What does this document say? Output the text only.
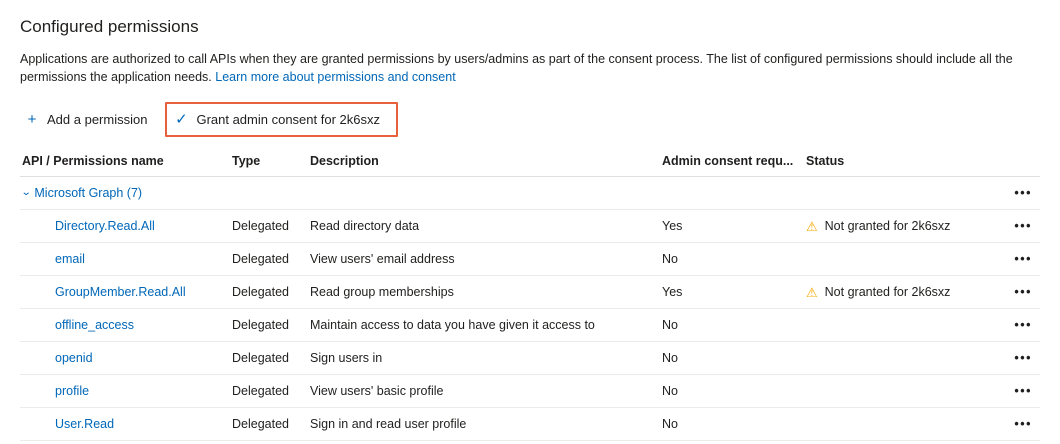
Configured permissions
Applications are authorized to call APIs when they are granted permissions by users/admins as part of the consent process. The list of configured permissions should include all the permissions the application needs. Learn more about permissions and consent
+ Add a permission ✓ Grant admin consent for 2k6sxz
API / Permissions name	Type	Description	Admin consent requ...	Status	

⌄ Microsoft Graph (7)					•••
Directory.Read.All	Delegated	Read directory data	Yes	⚠ Not granted for 2k6sxz	•••
email	Delegated	View users' email address	No		•••
GroupMember.Read.All	Delegated	Read group memberships	Yes	⚠ Not granted for 2k6sxz	•••
offline_access	Delegated	Maintain access to data you have given it access to	No		•••
openid	Delegated	Sign users in	No		•••
profile	Delegated	View users' basic profile	No		•••
User.Read	Delegated	Sign in and read user profile	No		•••
